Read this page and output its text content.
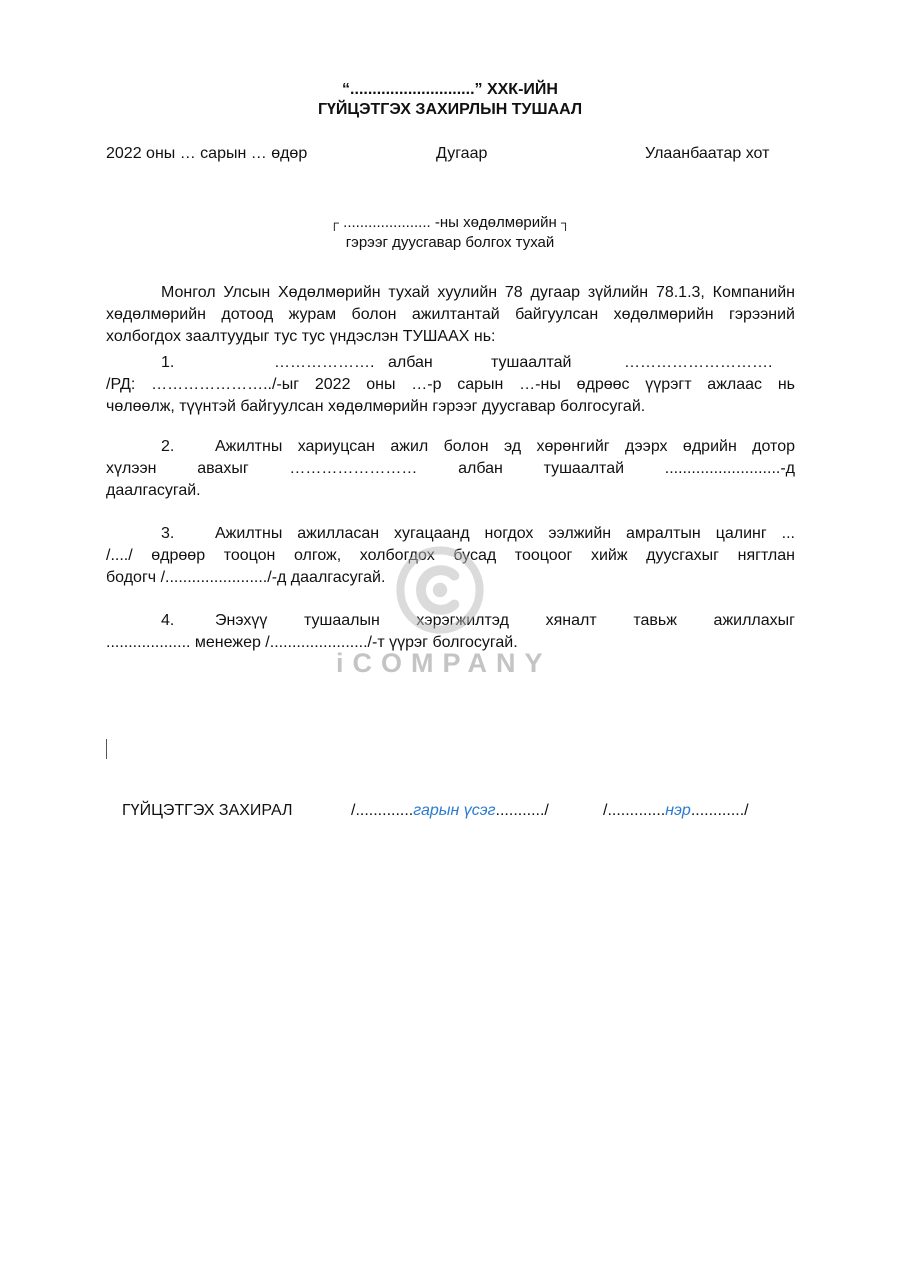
“............................” ХХК-ИЙН
ГҮЙЦЭТГЭХ ЗАХИРЛЫН ТУШААЛ
2022 оны … сарын … өдөр	Дугаар	Улаанбаатар хот
┌ ..................... -ны хөдөлмөрийн ┐
гэрээг дуусгавар болгох тухай

Монгол Улсын Хөдөлмөрийн тухай хуулийн 78 дугаар зүйлийн 78.1.3, Компанийн хөдөлмөрийн дотоод журам болон ажилтантай байгуулсан хөдөлмөрийн гэрээний холбогдох заалтуудыг тус тус үндэслэн ТУШААХ нь:

1.	………………. албан	тушаалтай	……………………….
/РД: …………………../-ыг 2022 оны …-р сарын …-ны өдрөөс үүрэгт ажлаас нь
чөлөөлж, түүнтэй байгуулсан хөдөлмөрийн гэрээг дуусгавар болгосугай.
2.	Ажилтны хариуцсан ажил болон эд хөрөнгийг дээрх өдрийн дотор
хүлээн авахыг …………………… албан тушаалтай ..........................-д
даалгасугай.
3.	Ажилтны ажилласан хугацаанд ногдох ээлжийн амралтын цалинг ...
/..../ өдрөөр тооцон олгож, холбогдох бусад тооцоог хийж дуусгахыг нягтлан
бодогч /......................./-д даалгасугай.
4.	Энэхүү тушаалын хэрэгжилтэд хяналт тавьж ажиллахыг
................... менежер /....................../-т үүрэг болгосугай.
iCOMPANY
ГҮЙЦЭТГЭХ ЗАХИРАЛ	/.............гарын үсэг.........../	/.............нэр............/
